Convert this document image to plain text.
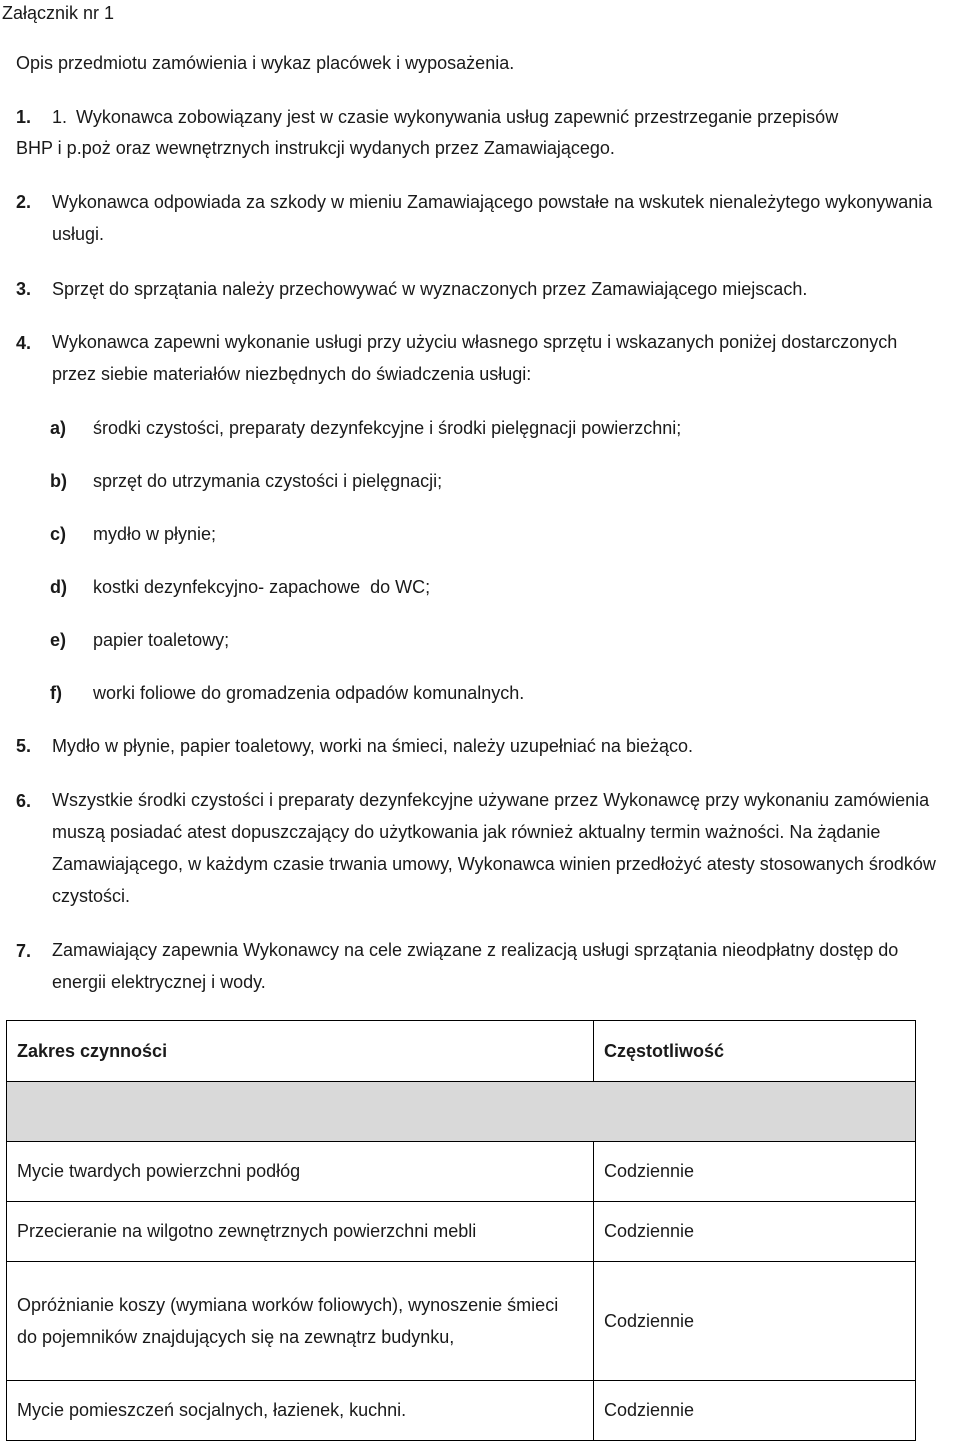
Załącznik nr 1
Opis przedmiotu zamówienia i wykaz placówek i wyposażenia.
1. 1. Wykonawca zobowiązany jest w czasie wykonywania usług zapewnić przestrzeganie przepisów
BHP i p.poż oraz wewnętrznych instrukcji wydanych przez Zamawiającego.
2. Wykonawca odpowiada za szkody w mieniu Zamawiającego powstałe na wskutek nienależytego wykonywania usługi.
3. Sprzęt do sprzątania należy przechowywać w wyznaczonych przez Zamawiającego miejscach.
4. Wykonawca zapewni wykonanie usługi przy użyciu własnego sprzętu i wskazanych poniżej dostarczonych przez siebie materiałów niezbędnych do świadczenia usługi:
a) środki czystości, preparaty dezynfekcyjne i środki pielęgnacji powierzchni;
b) sprzęt do utrzymania czystości i pielęgnacji;
c) mydło w płynie;
d) kostki dezynfekcyjno- zapachowe  do WC;
e) papier toaletowy;
f) worki foliowe do gromadzenia odpadów komunalnych.
5. Mydło w płynie, papier toaletowy, worki na śmieci, należy uzupełniać na bieżąco.
6. Wszystkie środki czystości i preparaty dezynfekcyjne używane przez Wykonawcę przy wykonaniu zamówienia muszą posiadać atest dopuszczający do użytkowania jak również aktualny termin ważności. Na żądanie Zamawiającego, w każdym czasie trwania umowy, Wykonawca winien przedłożyć atesty stosowanych środków czystości.
7. Zamawiający zapewnia Wykonawcy na cele związane z realizacją usługi sprzątania nieodpłatny dostęp do energii elektrycznej i wody.
Zakres czynności	Częstotliwość

Mycie twardych powierzchni podłóg	Codziennie
Przecieranie na wilgotno zewnętrznych powierzchni mebli	Codziennie
Opróżnianie koszy (wymiana worków foliowych), wynoszenie śmieci do pojemników znajdujących się na zewnątrz budynku,	Codziennie
Mycie pomieszczeń socjalnych, łazienek, kuchni.	Codziennie
